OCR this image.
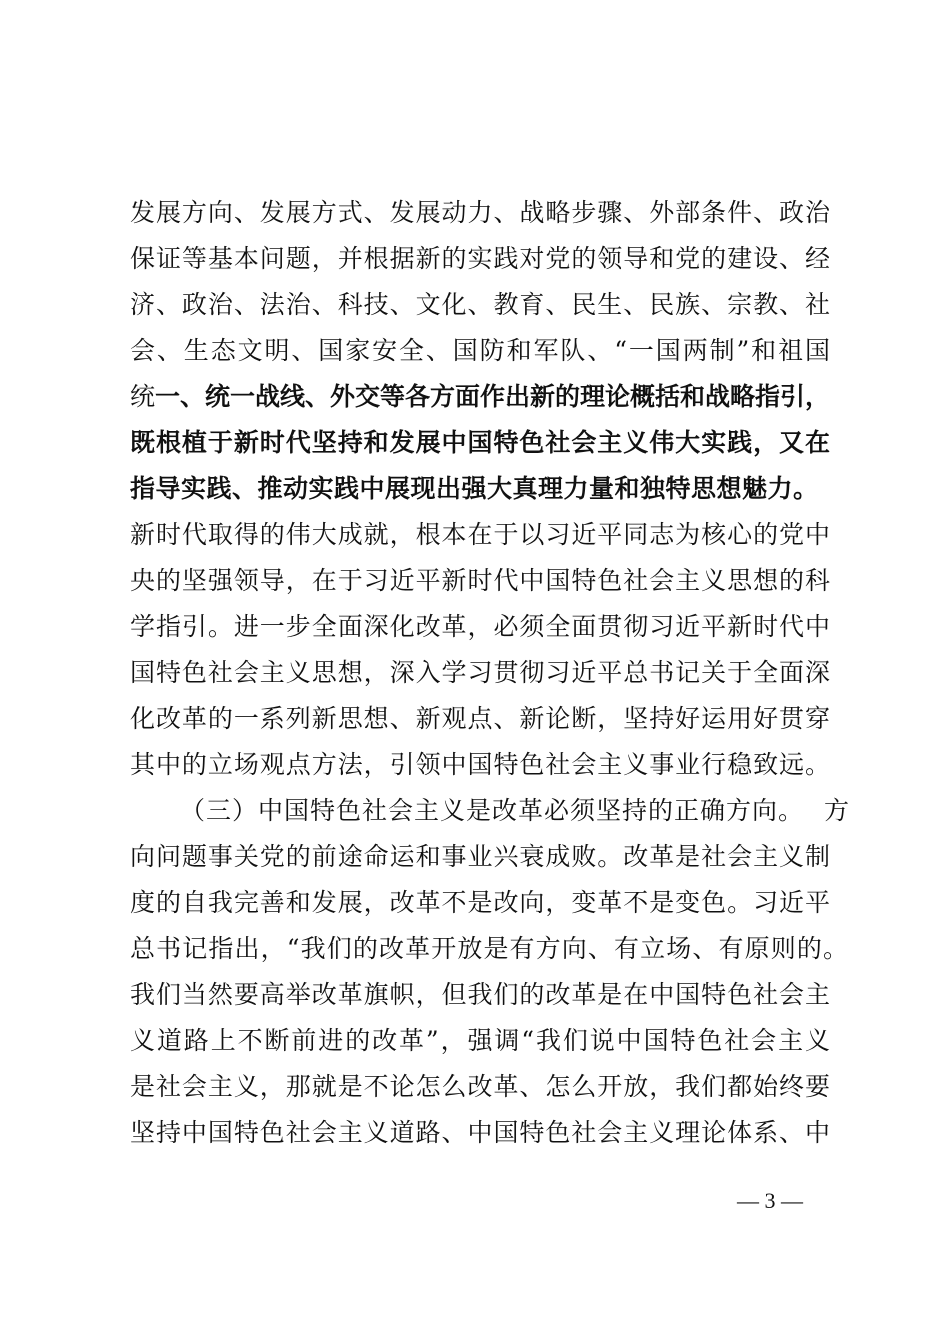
发展方向、发展方式、发展动力、战略步骤、外部条件、政治
保证等基本问题，并根据新的实践对党的领导和党的建设、经
济、政治、法治、科技、文化、教育、民生、民族、宗教、社
会、生态文明、国家安全、国防和军队、“一国两制”和祖国
统一、统一战线、外交等各方面作出新的理论概括和战略指引，
既根植于新时代坚持和发展中国特色社会主义伟大实践，又在
指导实践、推动实践中展现出强大真理力量和独特思想魅力。
新时代取得的伟大成就，根本在于以习近平同志为核心的党中
央的坚强领导，在于习近平新时代中国特色社会主义思想的科
学指引。进一步全面深化改革，必须全面贯彻习近平新时代中
国特色社会主义思想，深入学习贯彻习近平总书记关于全面深
化改革的一系列新思想、新观点、新论断，坚持好运用好贯穿
其中的立场观点方法，引领中国特色社会主义事业行稳致远。
（三）中国特色社会主义是改革必须坚持的正确方向。 方
向问题事关党的前途命运和事业兴衰成败。改革是社会主义制
度的自我完善和发展，改革不是改向，变革不是变色。习近平
总书记指出，“我们的改革开放是有方向、有立场、有原则的。
我们当然要高举改革旗帜，但我们的改革是在中国特色社会主
义道路上不断前进的改革”，强调“我们说中国特色社会主义
是社会主义，那就是不论怎么改革、怎么开放，我们都始终要
坚持中国特色社会主义道路、中国特色社会主义理论体系、中
— 3 —
